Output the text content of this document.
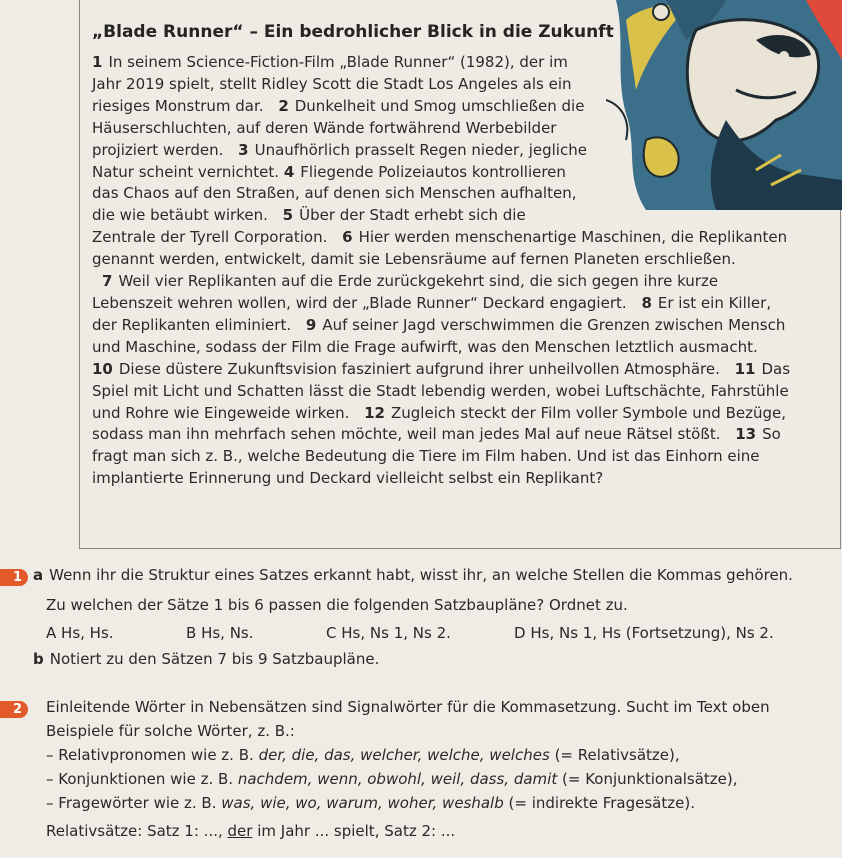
„Blade Runner“ – Ein bedrohlicher Blick in die Zukunft

1 In seinem Science-Fiction-Film „Blade Runner“ (1982), der im Jahr 2019 spielt, stellt Ridley Scott die Stadt Los Angeles als ein riesiges Monstrum dar. 2 Dunkelheit und Smog umschließen die Häuserschluchten, auf deren Wände fortwährend Werbebilder projiziert werden. 3 Unaufhörlich prasselt Regen nieder, jegliche Natur scheint vernichtet. 4 Fliegende Polizeiautos kontrollieren das Chaos auf den Straßen, auf denen sich Menschen aufhalten, die wie betäubt wirken. 5 Über der Stadt erhebt sich die Zentrale der Tyrell Corporation. 6 Hier werden menschenartige Maschinen, die Replikanten genannt werden, entwickelt, damit sie Lebensräume auf fernen Planeten erschließen. 7 Weil vier Replikanten auf die Erde zurückgekehrt sind, die sich gegen ihre kurze Lebenszeit wehren wollen, wird der „Blade Runner“ Deckard engagiert. 8 Er ist ein Killer, der Replikanten eliminiert. 9 Auf seiner Jagd verschwimmen die Grenzen zwischen Mensch und Maschine, sodass der Film die Frage aufwirft, was den Menschen letztlich ausmacht. 10 Diese düstere Zukunftsvision fasziniert aufgrund ihrer unheilvollen Atmosphäre. 11 Das Spiel mit Licht und Schatten lässt die Stadt lebendig werden, wobei Luftschächte, Fahrstühle und Rohre wie Eingeweide wirken. 12 Zugleich steckt der Film voller Symbole und Bezüge, sodass man ihn mehrfach sehen möchte, weil man jedes Mal auf neue Rätsel stößt. 13 So fragt man sich z. B., welche Bedeutung die Tiere im Film haben. Und ist das Einhorn eine implantierte Erinnerung und Deckard vielleicht selbst ein Replikant?

1 a Wenn ihr die Struktur eines Satzes erkannt habt, wisst ihr, an welche Stellen die Kommas gehören.
Zu welchen der Sätze 1 bis 6 passen die folgenden Satzbaupläne? Ordnet zu.
A Hs, Hs.	B Hs, Ns.	C Hs, Ns 1, Ns 2.	D Hs, Ns 1, Hs (Fortsetzung), Ns 2.
b Notiert zu den Sätzen 7 bis 9 Satzbaupläne.
2	Einleitende Wörter in Nebensätzen sind Signalwörter für die Kommasetzung. Sucht im Text oben
Beispiele für solche Wörter, z. B.:
– Relativpronomen wie z. B. der, die, das, welcher, welche, welches (= Relativsätze),
– Konjunktionen wie z. B. nachdem, wenn, obwohl, weil, dass, damit (= Konjunktionalsätze),
– Fragewörter wie z. B. was, wie, wo, warum, woher, weshalb (= indirekte Fragesätze).
Relativsätze: Satz 1: ..., der im Jahr ... spielt, Satz 2: ...
